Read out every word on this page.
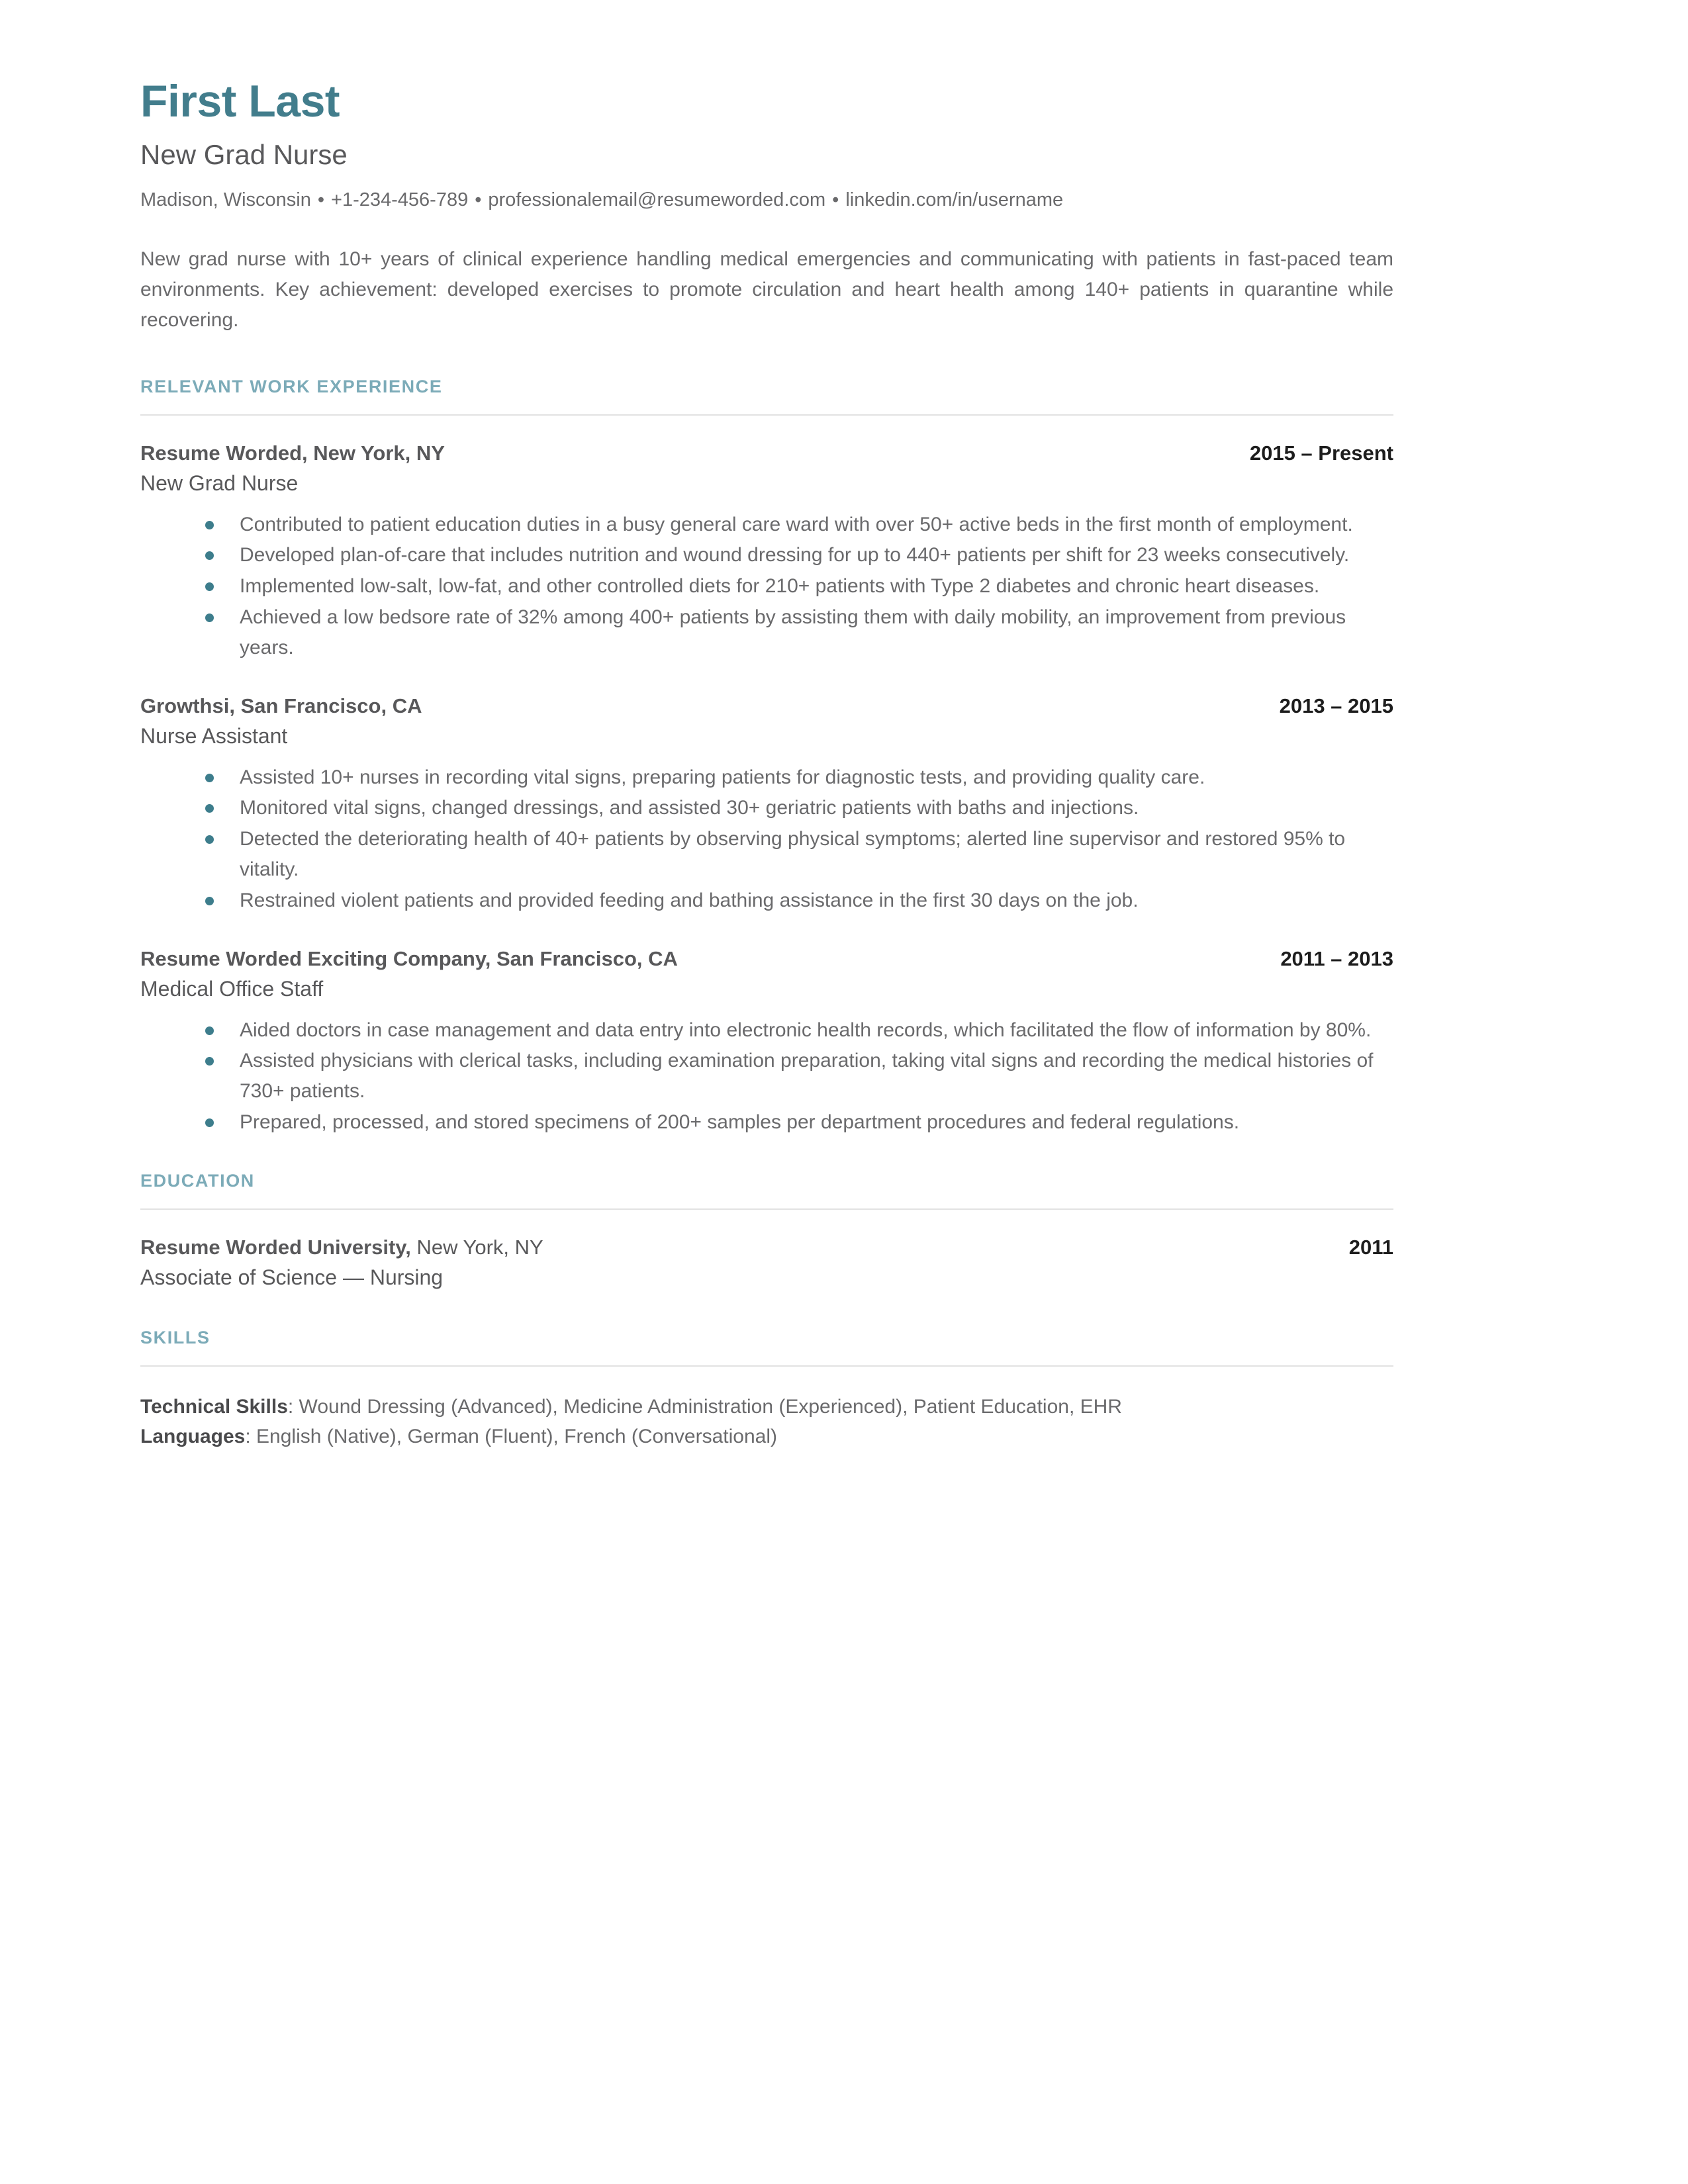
First Last
New Grad Nurse
Madison, Wisconsin • +1-234-456-789 • professionalemail@resumeworded.com • linkedin.com/in/username

New grad nurse with 10+ years of clinical experience handling medical emergencies and communicating with patients in fast-paced team environments. Key achievement: developed exercises to promote circulation and heart health among 140+ patients in quarantine while recovering.

RELEVANT WORK EXPERIENCE
Resume Worded, New York, NY	2015 – Present
New Grad Nurse
Contributed to patient education duties in a busy general care ward with over 50+ active beds in the first month of employment.
Developed plan-of-care that includes nutrition and wound dressing for up to 440+ patients per shift for 23 weeks consecutively.
Implemented low-salt, low-fat, and other controlled diets for 210+ patients with Type 2 diabetes and chronic heart diseases.
Achieved a low bedsore rate of 32% among 400+ patients by assisting them with daily mobility, an improvement from previous years.
Growthsi, San Francisco, CA	2013 – 2015
Nurse Assistant
Assisted 10+ nurses in recording vital signs, preparing patients for diagnostic tests, and providing quality care.
Monitored vital signs, changed dressings, and assisted 30+ geriatric patients with baths and injections.
Detected the deteriorating health of 40+ patients by observing physical symptoms; alerted line supervisor and restored 95% to vitality.
Restrained violent patients and provided feeding and bathing assistance in the first 30 days on the job.
Resume Worded Exciting Company, San Francisco, CA	2011 – 2013
Medical Office Staff
Aided doctors in case management and data entry into electronic health records, which facilitated the flow of information by 80%.
Assisted physicians with clerical tasks, including examination preparation, taking vital signs and recording the medical histories of 730+ patients.
Prepared, processed, and stored specimens of 200+ samples per department procedures and federal regulations.
EDUCATION
Resume Worded University, New York, NY	2011
Associate of Science — Nursing
SKILLS
Technical Skills: Wound Dressing (Advanced), Medicine Administration (Experienced), Patient Education, EHR
Languages: English (Native), German (Fluent), French (Conversational)
